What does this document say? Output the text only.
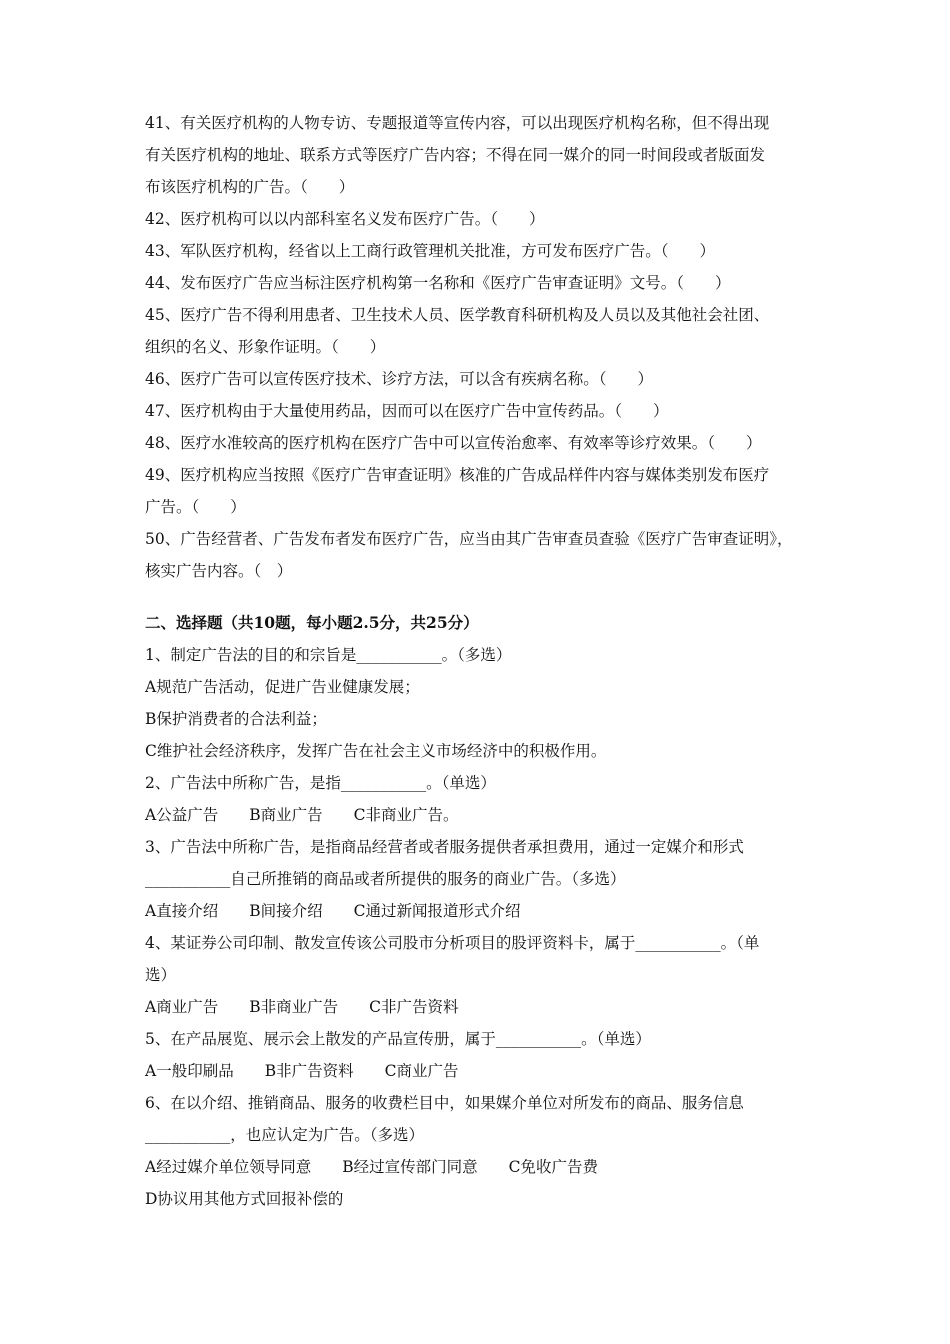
41、有关医疗机构的人物专访、专题报道等宣传内容，可以出现医疗机构名称，但不得出现

有关医疗机构的地址、联系方式等医疗广告内容；不得在同一媒介的同一时间段或者版面发

布该医疗机构的广告。（　　）

42、医疗机构可以以内部科室名义发布医疗广告。（　　）

43、军队医疗机构，经省以上工商行政管理机关批准，方可发布医疗广告。（　　）

44、发布医疗广告应当标注医疗机构第一名称和《医疗广告审查证明》文号。（　　）

45、医疗广告不得利用患者、卫生技术人员、医学教育科研机构及人员以及其他社会社团、

组织的名义、形象作证明。（　　）

46、医疗广告可以宣传医疗技术、诊疗方法，可以含有疾病名称。（　　）

47、医疗机构由于大量使用药品，因而可以在医疗广告中宣传药品。（　　）

48、医疗水准较高的医疗机构在医疗广告中可以宣传治愈率、有效率等诊疗效果。（　　）

49、医疗机构应当按照《医疗广告审查证明》核准的广告成品样件内容与媒体类别发布医疗

广告。（　　）

50、广告经营者、广告发布者发布医疗广告，应当由其广告审查员查验《医疗广告审查证明》，

核实广告内容。（　）

二、选择题（共10题，每小题2.5分，共25分）

1、制定广告法的目的和宗旨是___________。（多选）

A规范广告活动，促进广告业健康发展；

B保护消费者的合法利益；

C维护社会经济秩序，发挥广告在社会主义市场经济中的积极作用。

2、广告法中所称广告，是指___________。（单选）

A公益广告　　B商业广告　　C非商业广告。

3、广告法中所称广告，是指商品经营者或者服务提供者承担费用，通过一定媒介和形式

___________自己所推销的商品或者所提供的服务的商业广告。（多选）

A直接介绍　　B间接介绍　　C通过新闻报道形式介绍

4、某证券公司印制、散发宣传该公司股市分析项目的股评资料卡，属于___________。（单

选）

A商业广告　　B非商业广告　　C非广告资料

5、在产品展览、展示会上散发的产品宣传册，属于___________。（单选）

A一般印刷品　　B非广告资料　　C商业广告

6、在以介绍、推销商品、服务的收费栏目中，如果媒介单位对所发布的商品、服务信息

___________，也应认定为广告。（多选）

A经过媒介单位领导同意　　B经过宣传部门同意　　C免收广告费

D协议用其他方式回报补偿的
